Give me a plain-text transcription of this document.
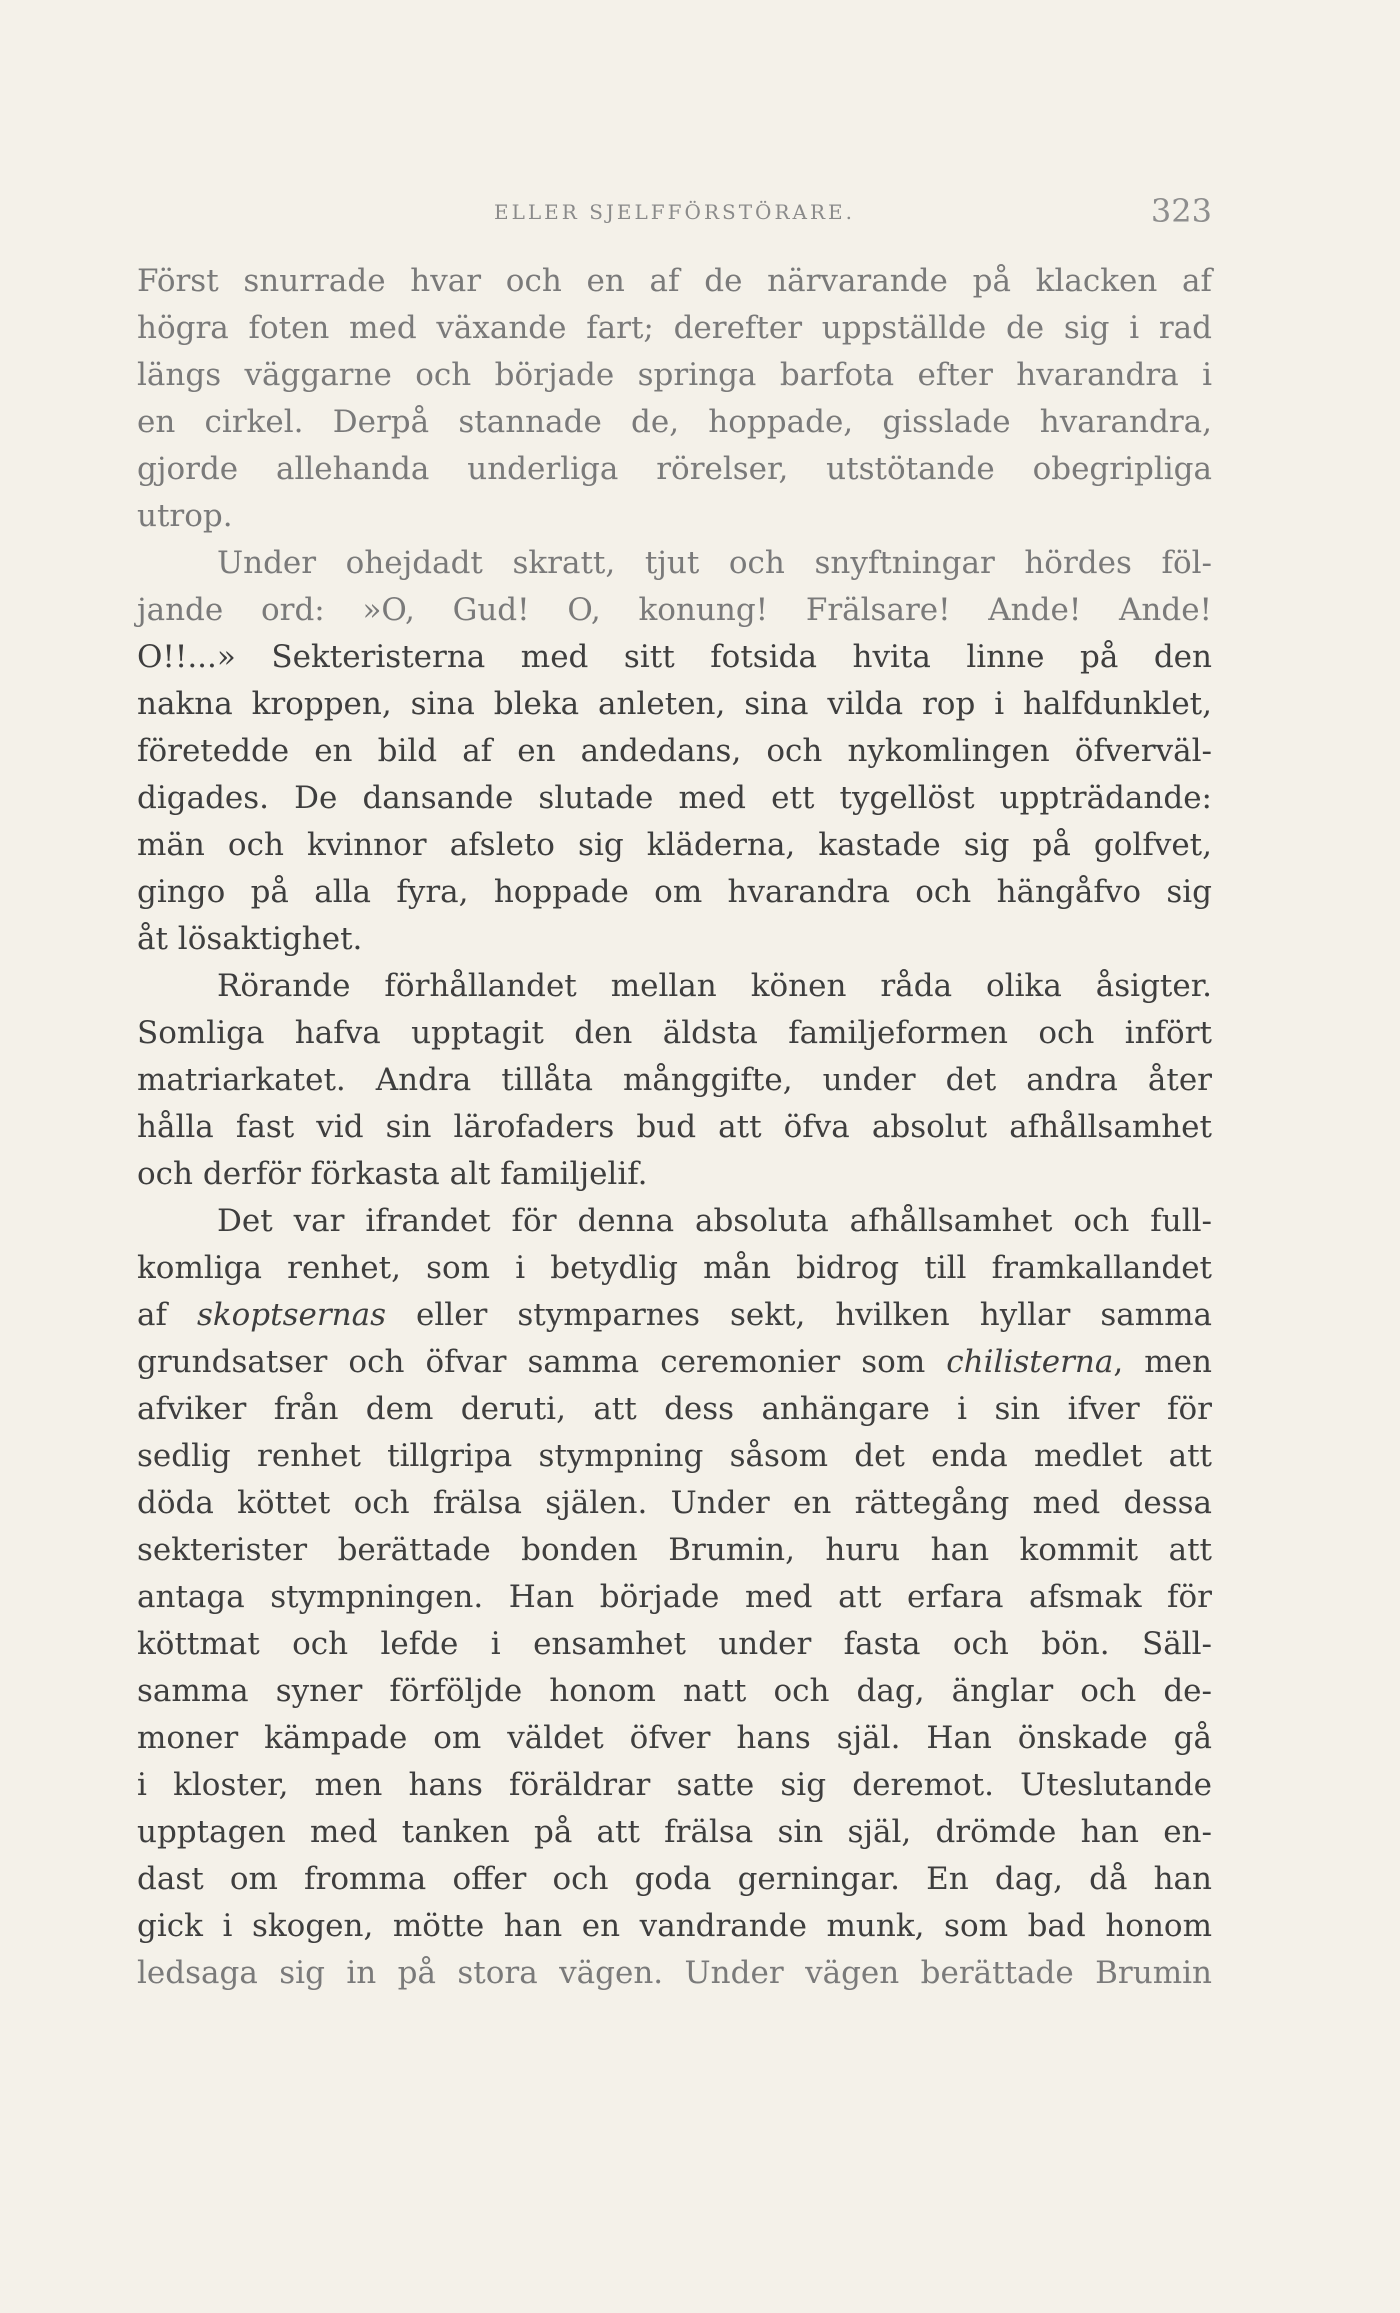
ELLER SJELFFÖRSTÖRARE.	323
Först snurrade hvar och en af de närvarande på klacken af
högra foten med växande fart; derefter uppställde de sig i rad
längs väggarne och började springa barfota efter hvarandra i
en cirkel. Derpå stannade de, hoppade, gisslade hvarandra,
gjorde allehanda underliga rörelser, utstötande obegripliga
utrop.
Under ohejdadt skratt, tjut och snyftningar hördes föl-
jande ord: »O, Gud! O, konung! Frälsare! Ande! Ande!
O!!...» Sekteristerna med sitt fotsida hvita linne på den
nakna kroppen, sina bleka anleten, sina vilda rop i halfdunklet,
företedde en bild af en andedans, och nykomlingen öfverväl-
digades. De dansande slutade med ett tygellöst uppträdande:
män och kvinnor afsleto sig kläderna, kastade sig på golfvet,
gingo på alla fyra, hoppade om hvarandra och hängåfvo sig
åt lösaktighet.
Rörande förhållandet mellan könen råda olika åsigter.
Somliga hafva upptagit den äldsta familjeformen och infört
matriarkatet. Andra tillåta månggifte, under det andra åter
hålla fast vid sin lärofaders bud att öfva absolut afhållsamhet
och derför förkasta alt familjelif.
Det var ifrandet för denna absoluta afhållsamhet och full-
komliga renhet, som i betydlig mån bidrog till framkallandet
af skoptsernas eller stymparnes sekt, hvilken hyllar samma
grundsatser och öfvar samma ceremonier som chilisterna, men
afviker från dem deruti, att dess anhängare i sin ifver för
sedlig renhet tillgripa stympning såsom det enda medlet att
döda köttet och frälsa själen. Under en rättegång med dessa
sekterister berättade bonden Brumin, huru han kommit att
antaga stympningen. Han började med att erfara afsmak för
köttmat och lefde i ensamhet under fasta och bön. Säll-
samma syner förföljde honom natt och dag, änglar och de-
moner kämpade om väldet öfver hans själ. Han önskade gå
i kloster, men hans föräldrar satte sig deremot. Uteslutande
upptagen med tanken på att frälsa sin själ, drömde han en-
dast om fromma offer och goda gerningar. En dag, då han
gick i skogen, mötte han en vandrande munk, som bad honom
ledsaga sig in på stora vägen. Under vägen berättade Brumin
